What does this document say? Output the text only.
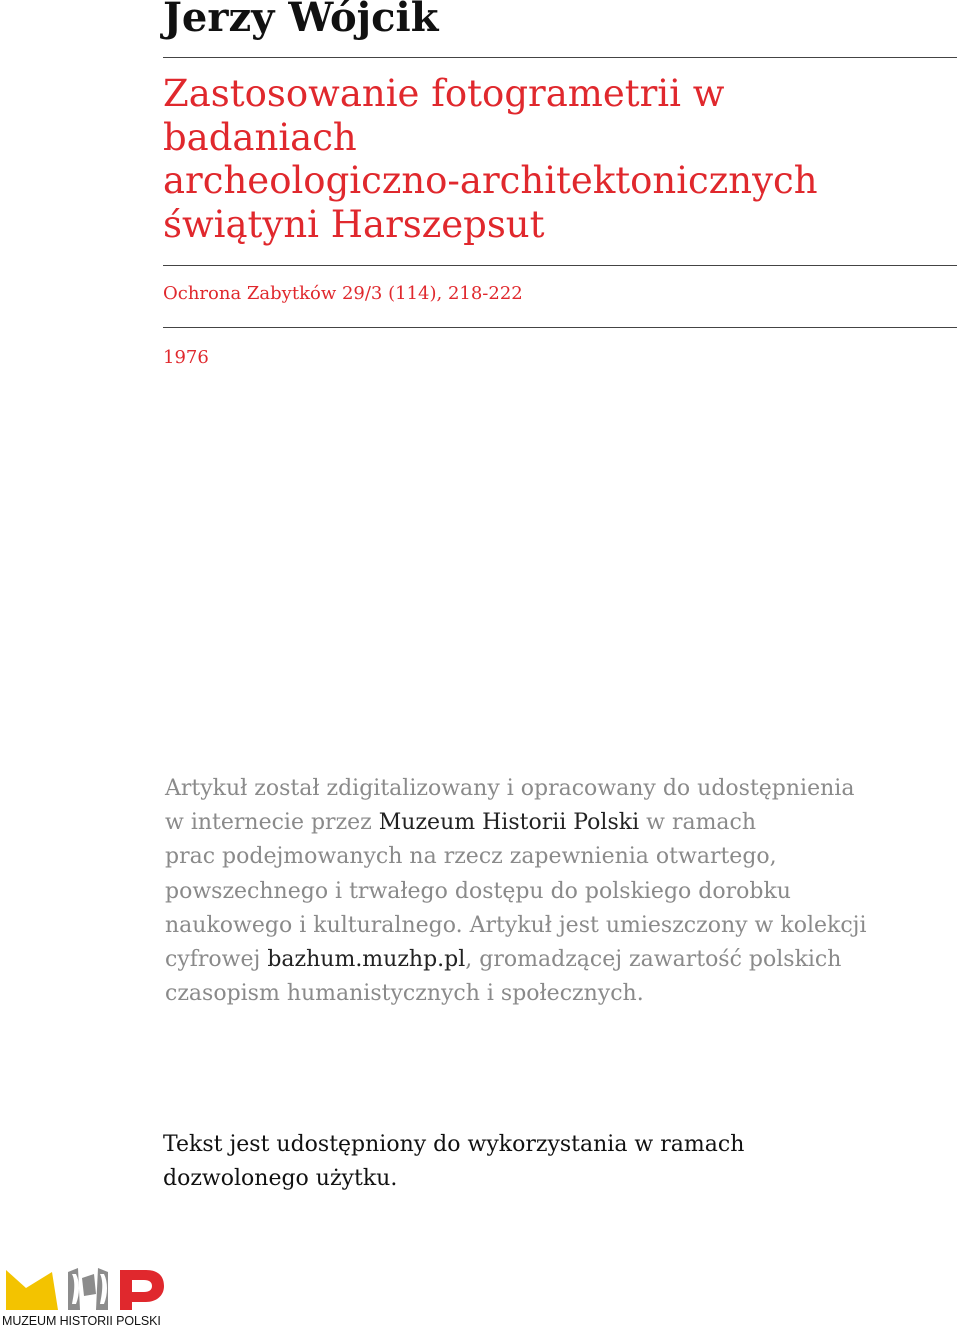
Jerzy Wójcik
Zastosowanie fotogrametrii w
badaniach
archeologiczno-architektonicznych
świątyni Harszepsut

Ochrona Zabytków 29/3 (114), 218-222

1976

Artykuł został zdigitalizowany i opracowany do udostępnienia
w internecie przez Muzeum Historii Polski w ramach
prac podejmowanych na rzecz zapewnienia otwartego,
powszechnego i trwałego dostępu do polskiego dorobku
naukowego i kulturalnego. Artykuł jest umieszczony w kolekcji
cyfrowej bazhum.muzhp.pl, gromadzącej zawartość polskich
czasopism humanistycznych i społecznych.

Tekst jest udostępniony do wykorzystania w ramach
dozwolonego użytku.

MUZEUM HISTORII POLSKI
